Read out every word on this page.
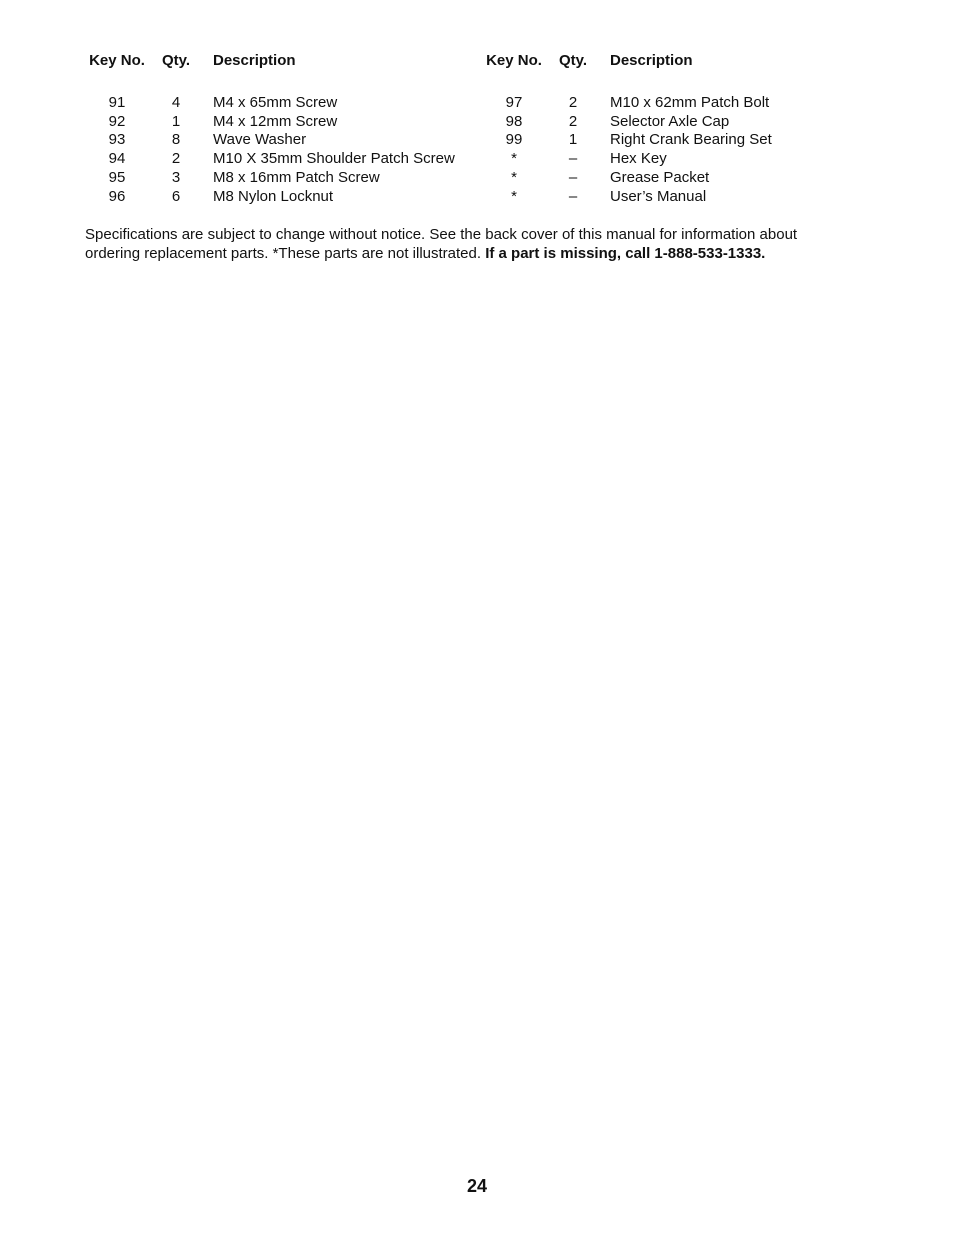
Key No.	Qty.	Description
91	4	M4 x 65mm Screw
92	1	M4 x 12mm Screw
93	8	Wave Washer
94	2	M10 X 35mm Shoulder Patch Screw
95	3	M8 x 16mm Patch Screw
96	6	M8 Nylon Locknut
Key No.	Qty.	Description
97	2	M10 x 62mm Patch Bolt
98	2	Selector Axle Cap
99	1	Right Crank Bearing Set
*	–	Hex Key
*	–	Grease Packet
*	–	User’s Manual
Specifications are subject to change without notice. See the back cover of this manual for information about
ordering replacement parts. *These parts are not illustrated. If a part is missing, call 1-888-533-1333.
24
